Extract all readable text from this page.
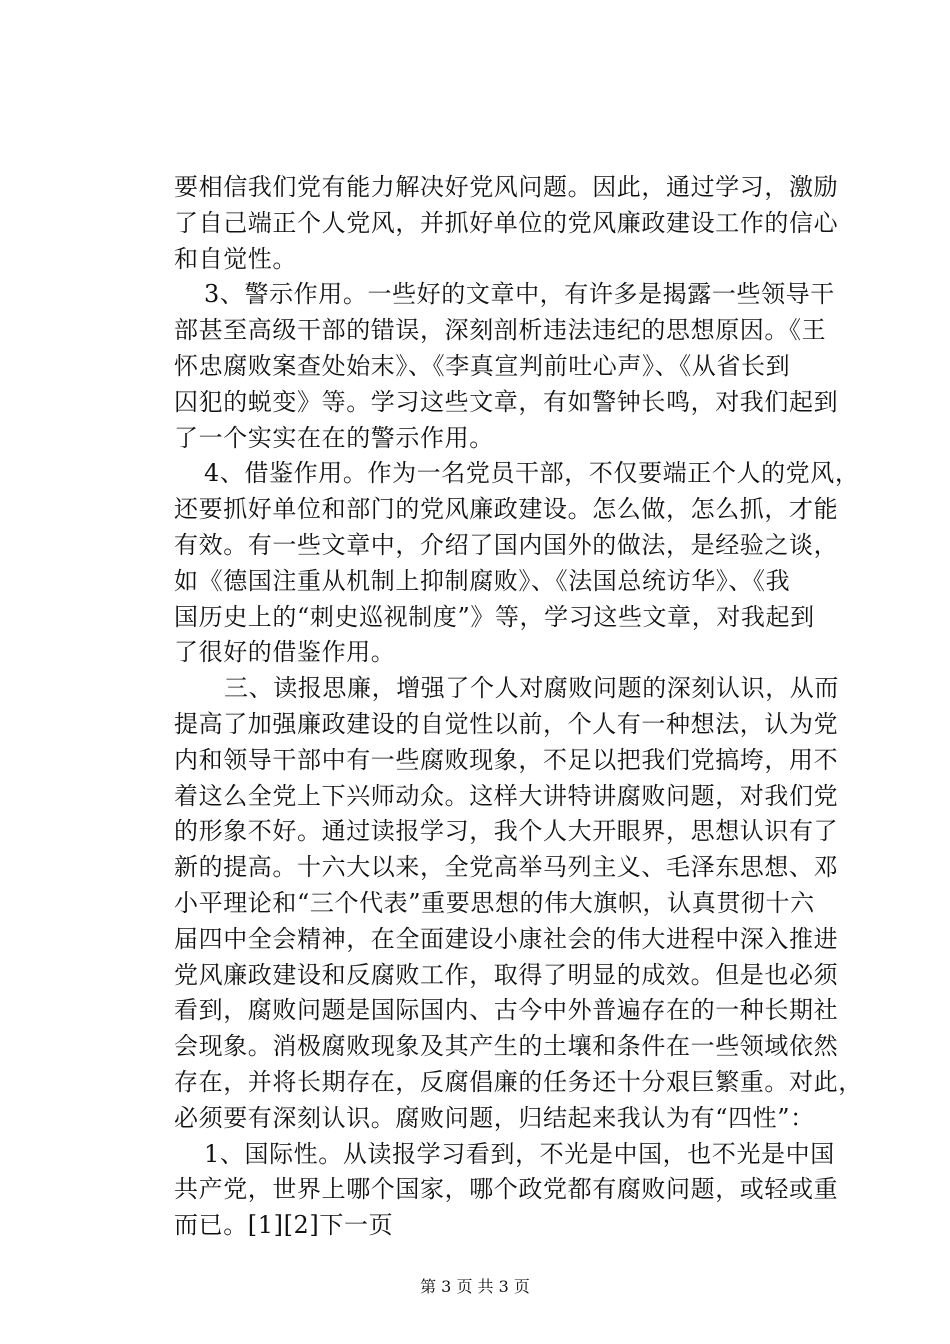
要相信我们党有能力解决好党风问题。因此，通过学习，激励
了自己端正个人党风，并抓好单位的党风廉政建设工作的信心
和自觉性。
3、警示作用。一些好的文章中，有许多是揭露一些领导干
部甚至高级干部的错误，深刻剖析违法违纪的思想原因。《王
怀忠腐败案查处始末》、《李真宣判前吐心声》、《从省长到
囚犯的蜕变》等。学习这些文章，有如警钟长鸣，对我们起到
了一个实实在在的警示作用。
4、借鉴作用。作为一名党员干部，不仅要端正个人的党风，
还要抓好单位和部门的党风廉政建设。怎么做，怎么抓，才能
有效。有一些文章中，介绍了国内国外的做法，是经验之谈，
如《德国注重从机制上抑制腐败》、《法国总统访华》、《我
国历史上的“刺史巡视制度”》等，学习这些文章，对我起到
了很好的借鉴作用。
三、读报思廉，增强了个人对腐败问题的深刻认识，从而
提高了加强廉政建设的自觉性以前，个人有一种想法，认为党
内和领导干部中有一些腐败现象，不足以把我们党搞垮，用不
着这么全党上下兴师动众。这样大讲特讲腐败问题，对我们党
的形象不好。通过读报学习，我个人大开眼界，思想认识有了
新的提高。十六大以来，全党高举马列主义、毛泽东思想、邓
小平理论和“三个代表”重要思想的伟大旗帜，认真贯彻十六
届四中全会精神，在全面建设小康社会的伟大进程中深入推进
党风廉政建设和反腐败工作，取得了明显的成效。但是也必须
看到，腐败问题是国际国内、古今中外普遍存在的一种长期社
会现象。消极腐败现象及其产生的土壤和条件在一些领域依然
存在，并将长期存在，反腐倡廉的任务还十分艰巨繁重。对此，
必须要有深刻认识。腐败问题，归结起来我认为有“四性”：
1、国际性。从读报学习看到，不光是中国，也不光是中国
共产党，世界上哪个国家，哪个政党都有腐败问题，或轻或重
而已。[1][2]下一页
第 3 页 共 3 页
